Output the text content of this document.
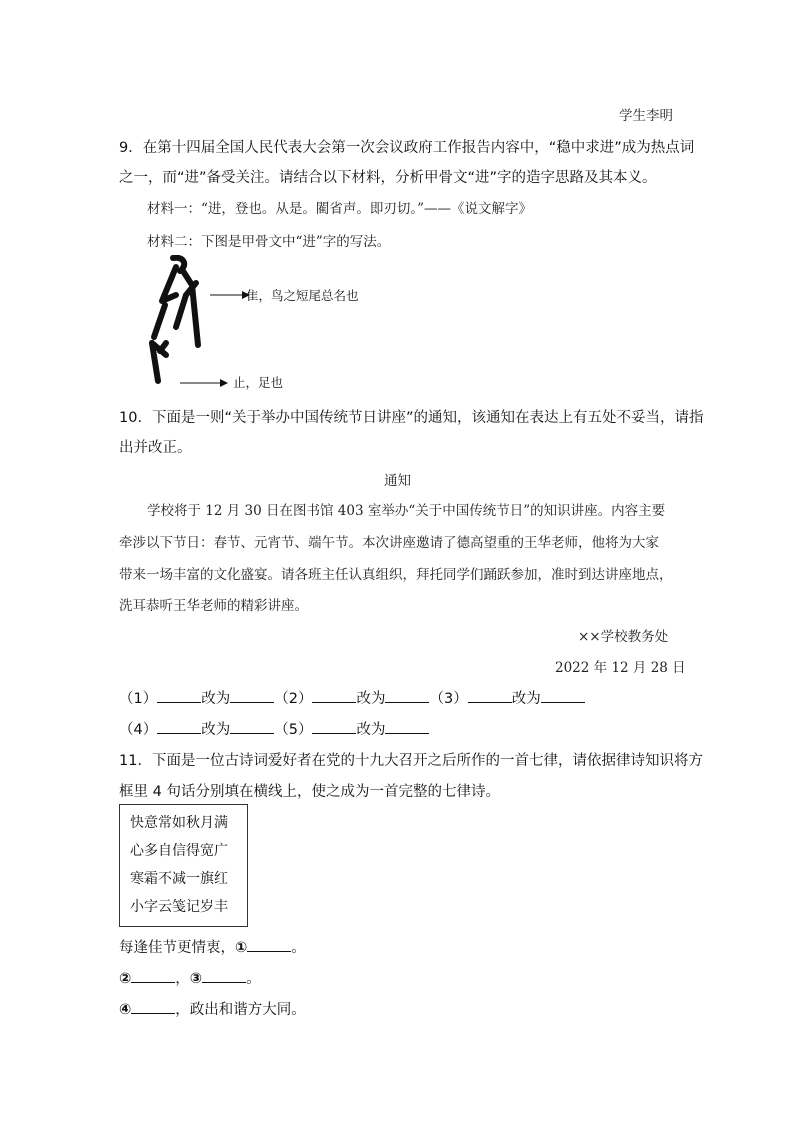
学生李明
9．在第十四届全国人民代表大会第一次会议政府工作报告内容中，“稳中求进”成为热点词
之一，而“进”备受关注。请结合以下材料，分析甲骨文“进”字的造字思路及其本义。
材料一：“进，登也。从是。閵省声。即刃切。”——《说文解字》
材料二：下图是甲骨文中“进”字的写法。
隹，鸟之短尾总名也
止，足也
10．下面是一则“关于举办中国传统节日讲座”的通知，该通知在表达上有五处不妥当，请指
出并改正。
通知
学校将于 12 月 30 日在图书馆 403 室举办“关于中国传统节日”的知识讲座。内容主要
牵涉以下节日：春节、元宵节、端午节。本次讲座邀请了德高望重的王华老师，他将为大家
带来一场丰富的文化盛宴。请各班主任认真组织，拜托同学们踊跃参加，准时到达讲座地点，
洗耳恭听王华老师的精彩讲座。
××学校教务处
2022 年 12 月 28 日
（1）	改为	（2）	改为	（3）	改为
（4）	改为	（5）	改为
11．下面是一位古诗词爱好者在党的十九大召开之后所作的一首七律，请依据律诗知识将方
框里 4 句话分别填在横线上，使之成为一首完整的七律诗。
快意常如秋月满
心多自信得宽广
寒霜不减一旗红
小字云笺记岁丰
每逢佳节更情衷，①	。
②	，③	。
④	，政出和谐方大同。
